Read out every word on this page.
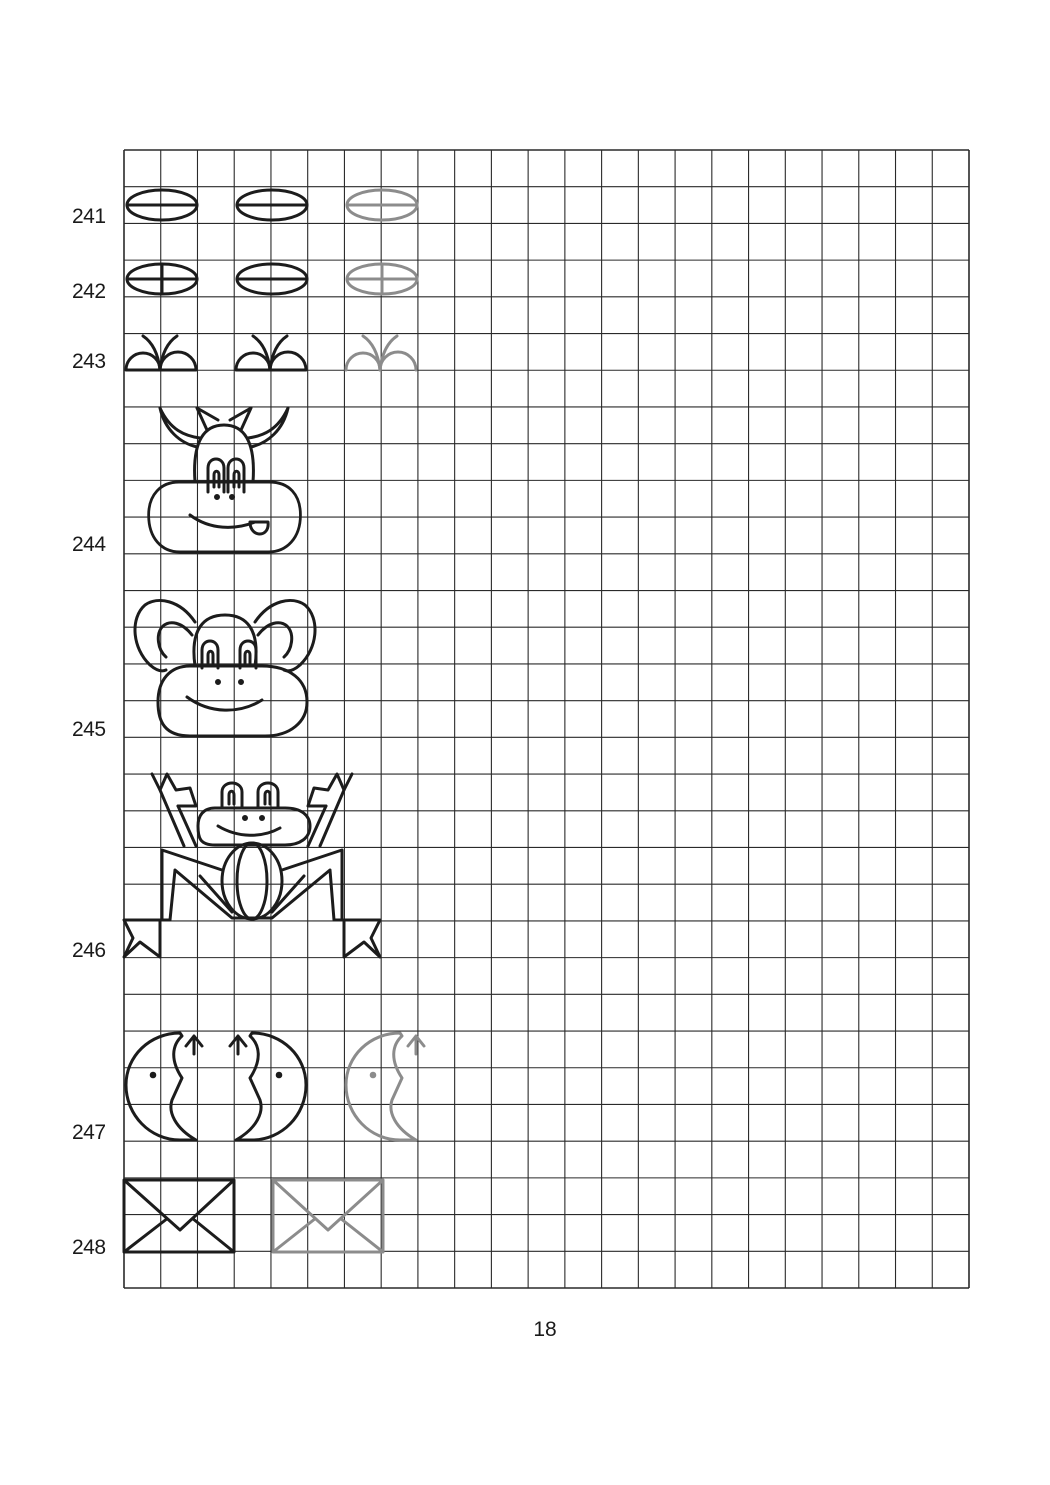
241
242
243
244
245
246
247
248
18
